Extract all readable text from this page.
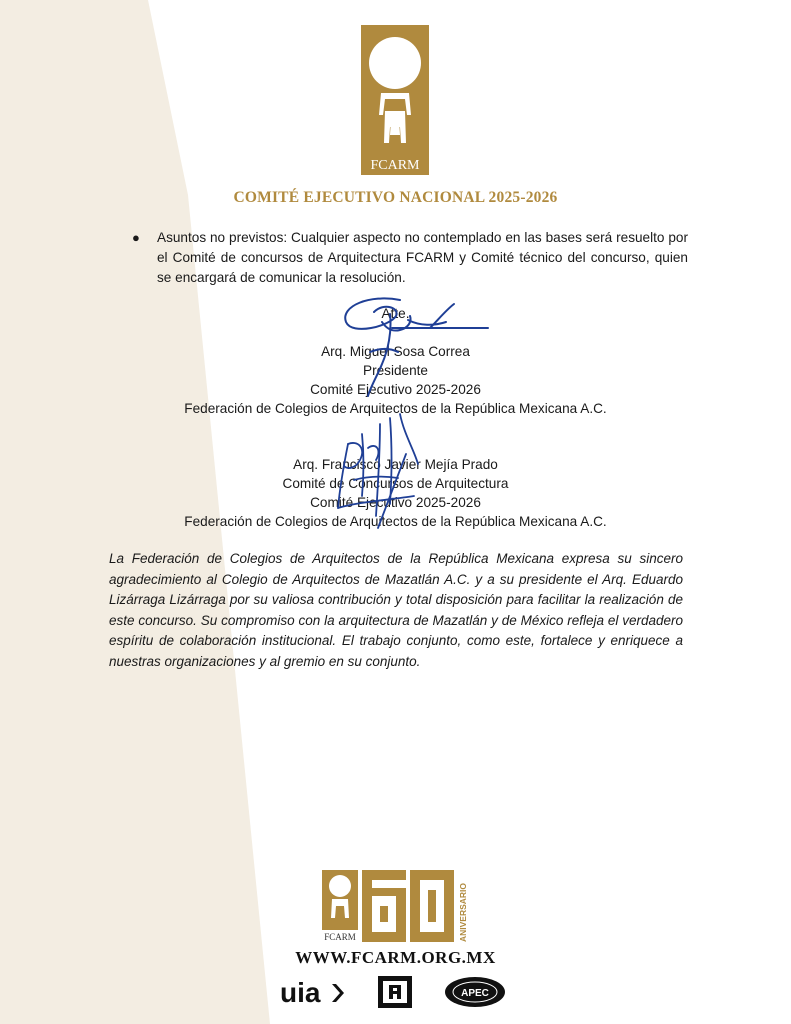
FCARM
COMITÉ EJECUTIVO NACIONAL 2025-2026
● Asuntos no previstos: Cualquier aspecto no contemplado en las bases será resuelto por el Comité de concursos de Arquitectura FCARM y Comité técnico del concurso, quien se encargará de comunicar la resolución.
Atte.
Arq. Miguel Sosa Correa
Presidente
Comité Ejecutivo 2025-2026
Federación de Colegios de Arquitectos de la República Mexicana A.C.
Arq. Francisco Javier Mejía Prado
Comité de Concursos de Arquitectura
Comité Ejecutivo 2025-2026
Federación de Colegios de Arquitectos de la República Mexicana A.C.
La Federación de Colegios de Arquitectos de la República Mexicana expresa su sincero agradecimiento al Colegio de Arquitectos de Mazatlán A.C. y a su presidente el Arq. Eduardo Lizárraga Lizárraga por su valiosa contribución y total disposición para facilitar la realización de este concurso. Su compromiso con la arquitectura de Mazatlán y de México refleja el verdadero espíritu de colaboración institucional. El trabajo conjunto, como este, fortalece y enriquece a nuestras organizaciones y al gremio en su conjunto.
FCARM	ANIVERSARIO
WWW.FCARM.ORG.MX
uia	APEC
